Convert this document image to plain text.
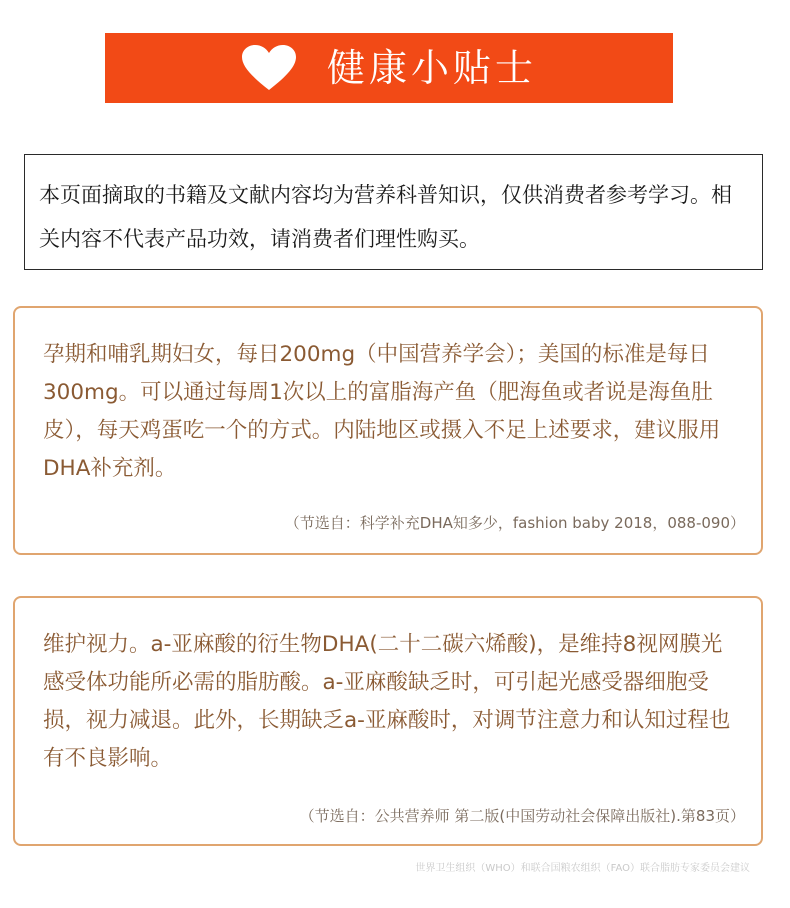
健康小贴士
本页面摘取的书籍及文献内容均为营养科普知识，仅供消费者参考学习。相关内容不代表产品功效，请消费者们理性购买。
孕期和哺乳期妇女，每日200mg（中国营养学会）；美国的标准是每日300mg。可以通过每周1次以上的富脂海产鱼（肥海鱼或者说是海鱼肚皮），每天鸡蛋吃一个的方式。内陆地区或摄入不足上述要求，建议服用DHA补充剂。
（节选自：科学补充DHA知多少，fashion baby 2018，088-090）
维护视力。a-亚麻酸的衍生物DHA(二十二碳六烯酸)，是维持8视网膜光感受体功能所必需的脂肪酸。a-亚麻酸缺乏时，可引起光感受器细胞受损，视力减退。此外，长期缺乏a-亚麻酸时，对调节注意力和认知过程也有不良影响。
（节选自：公共营养师 第二版(中国劳动社会保障出版社).第83页）
世界卫生组织（WHO）和联合国粮农组织（FAO）联合脂肪专家委员会建议
